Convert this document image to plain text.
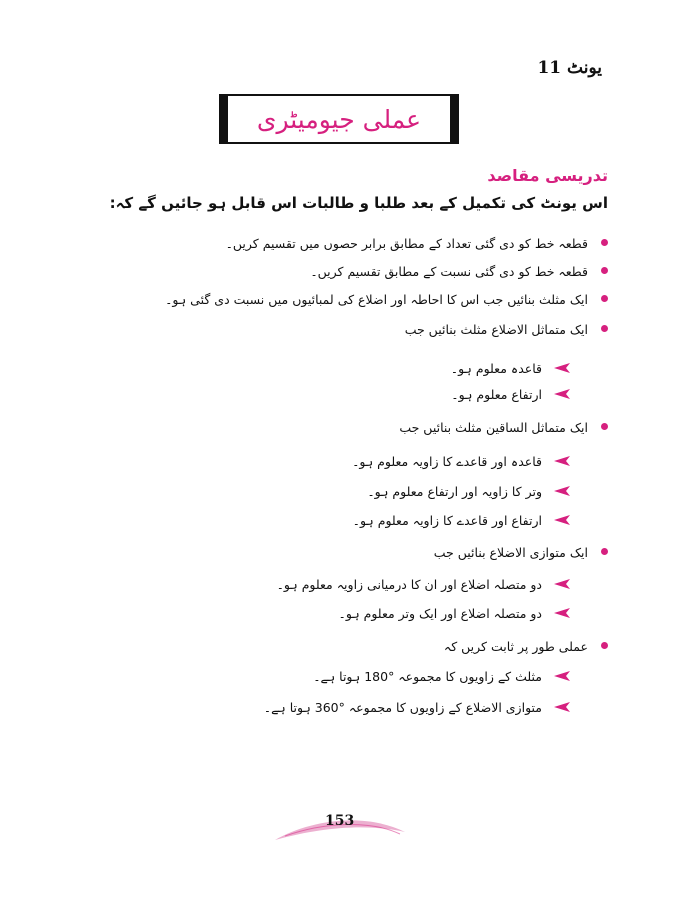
یونٹ 11
عملی جیومیٹری
تدریسی مقاصد
اس یونٹ کی تکمیل کے بعد طلبا و طالبات اس قابل ہو جائیں گے کہ:
قطعہ خط کو دی گئی تعداد کے مطابق برابر حصوں میں تقسیم کریں۔
قطعہ خط کو دی گئی نسبت کے مطابق تقسیم کریں۔
ایک مثلث بنائیں جب اس کا احاطہ اور اضلاع کی لمبائیوں میں نسبت دی گئی ہو۔
ایک متماثل الاضلاع مثلث بنائیں جب
قاعدہ معلوم ہو۔
ارتفاع معلوم ہو۔
ایک متماثل الساقین مثلث بنائیں جب
قاعدہ اور قاعدے کا زاویہ معلوم ہو۔
وتر کا زاویہ اور ارتفاع معلوم ہو۔
ارتفاع اور قاعدے کا زاویہ معلوم ہو۔
ایک متوازی الاضلاع بنائیں جب
دو متصلہ اضلاع اور ان کا درمیانی زاویہ معلوم ہو۔
دو متصلہ اضلاع اور ایک وتر معلوم ہو۔
عملی طور پر ثابت کریں کہ
مثلث کے زاویوں کا مجموعہ °180 ہوتا ہے۔
متوازی الاضلاع کے زاویوں کا مجموعہ °360 ہوتا ہے۔
153
